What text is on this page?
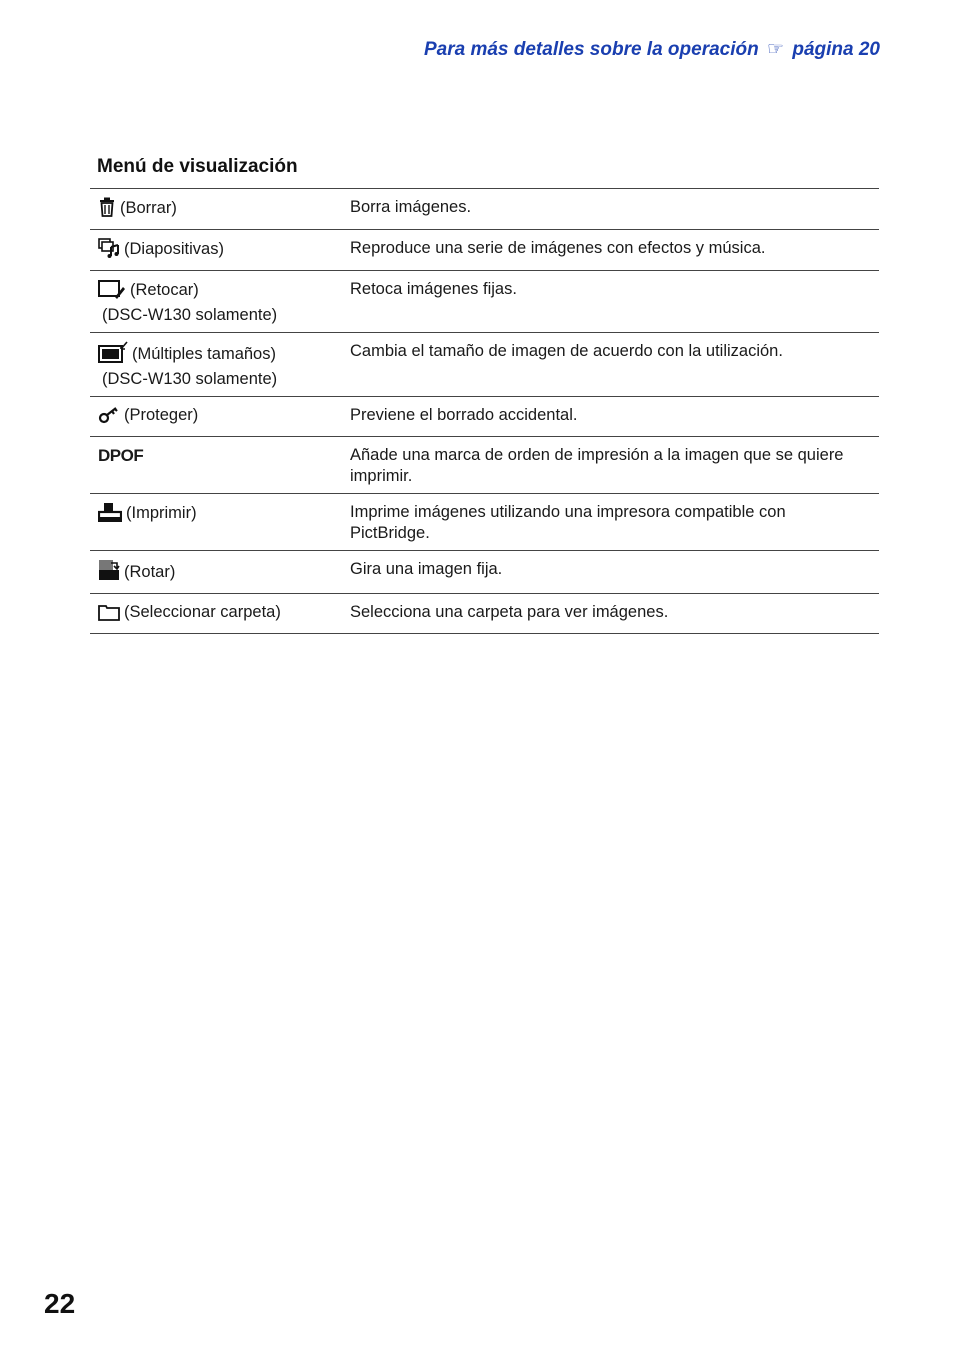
Para más detalles sobre la operación ☞ página 20
Menú de visualización
(Borrar)	Borra imágenes.
(Diapositivas)	Reproduce una serie de imágenes con efectos y música.
(Retocar)
(DSC-W130 solamente)	Retoca imágenes fijas.
(Múltiples tamaños)
(DSC-W130 solamente)	Cambia el tamaño de imagen de acuerdo con la utilización.
(Proteger)	Previene el borrado accidental.
DPOF	Añade una marca de orden de impresión a la imagen que se quiere imprimir.
(Imprimir)	Imprime imágenes utilizando una impresora compatible con PictBridge.
(Rotar)	Gira una imagen fija.
(Seleccionar carpeta)	Selecciona una carpeta para ver imágenes.
22
